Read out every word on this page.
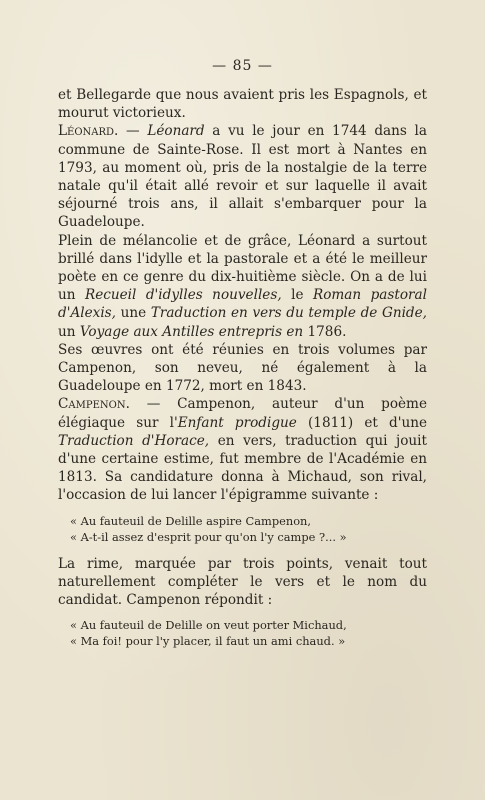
— 85 —

et Bellegarde que nous avaient pris les Espagnols, et mourut victorieux.

Léonard. — Léonard a vu le jour en 1744 dans la commune de Sainte-Rose. Il est mort à Nantes en 1793, au moment où, pris de la nostalgie de la terre natale qu'il était allé revoir et sur laquelle il avait séjourné trois ans, il allait s'embarquer pour la Guadeloupe.

Plein de mélancolie et de grâce, Léonard a surtout brillé dans l'idylle et la pastorale et a été le meilleur poète en ce genre du dix-huitième siècle. On a de lui un Recueil d'idylles nouvelles, le Roman pastoral d'Alexis, une Traduction en vers du temple de Gnide, un Voyage aux Antilles entrepris en 1786.

Ses œuvres ont été réunies en trois volumes par Campenon, son neveu, né également à la Guadeloupe en 1772, mort en 1843.

Campenon. — Campenon, auteur d'un poème élégiaque sur l'Enfant prodigue (1811) et d'une Traduction d'Horace, en vers, traduction qui jouit d'une certaine estime, fut membre de l'Académie en 1813. Sa candidature donna à Michaud, son rival, l'occasion de lui lancer l'épigramme suivante :

« Au fauteuil de Delille aspire Campenon,
« A-t-il assez d'esprit pour qu'on l'y campe ?... »

La rime, marquée par trois points, venait tout naturellement compléter le vers et le nom du candidat. Campenon répondit :

« Au fauteuil de Delille on veut porter Michaud,
« Ma foi! pour l'y placer, il faut un ami chaud. »
